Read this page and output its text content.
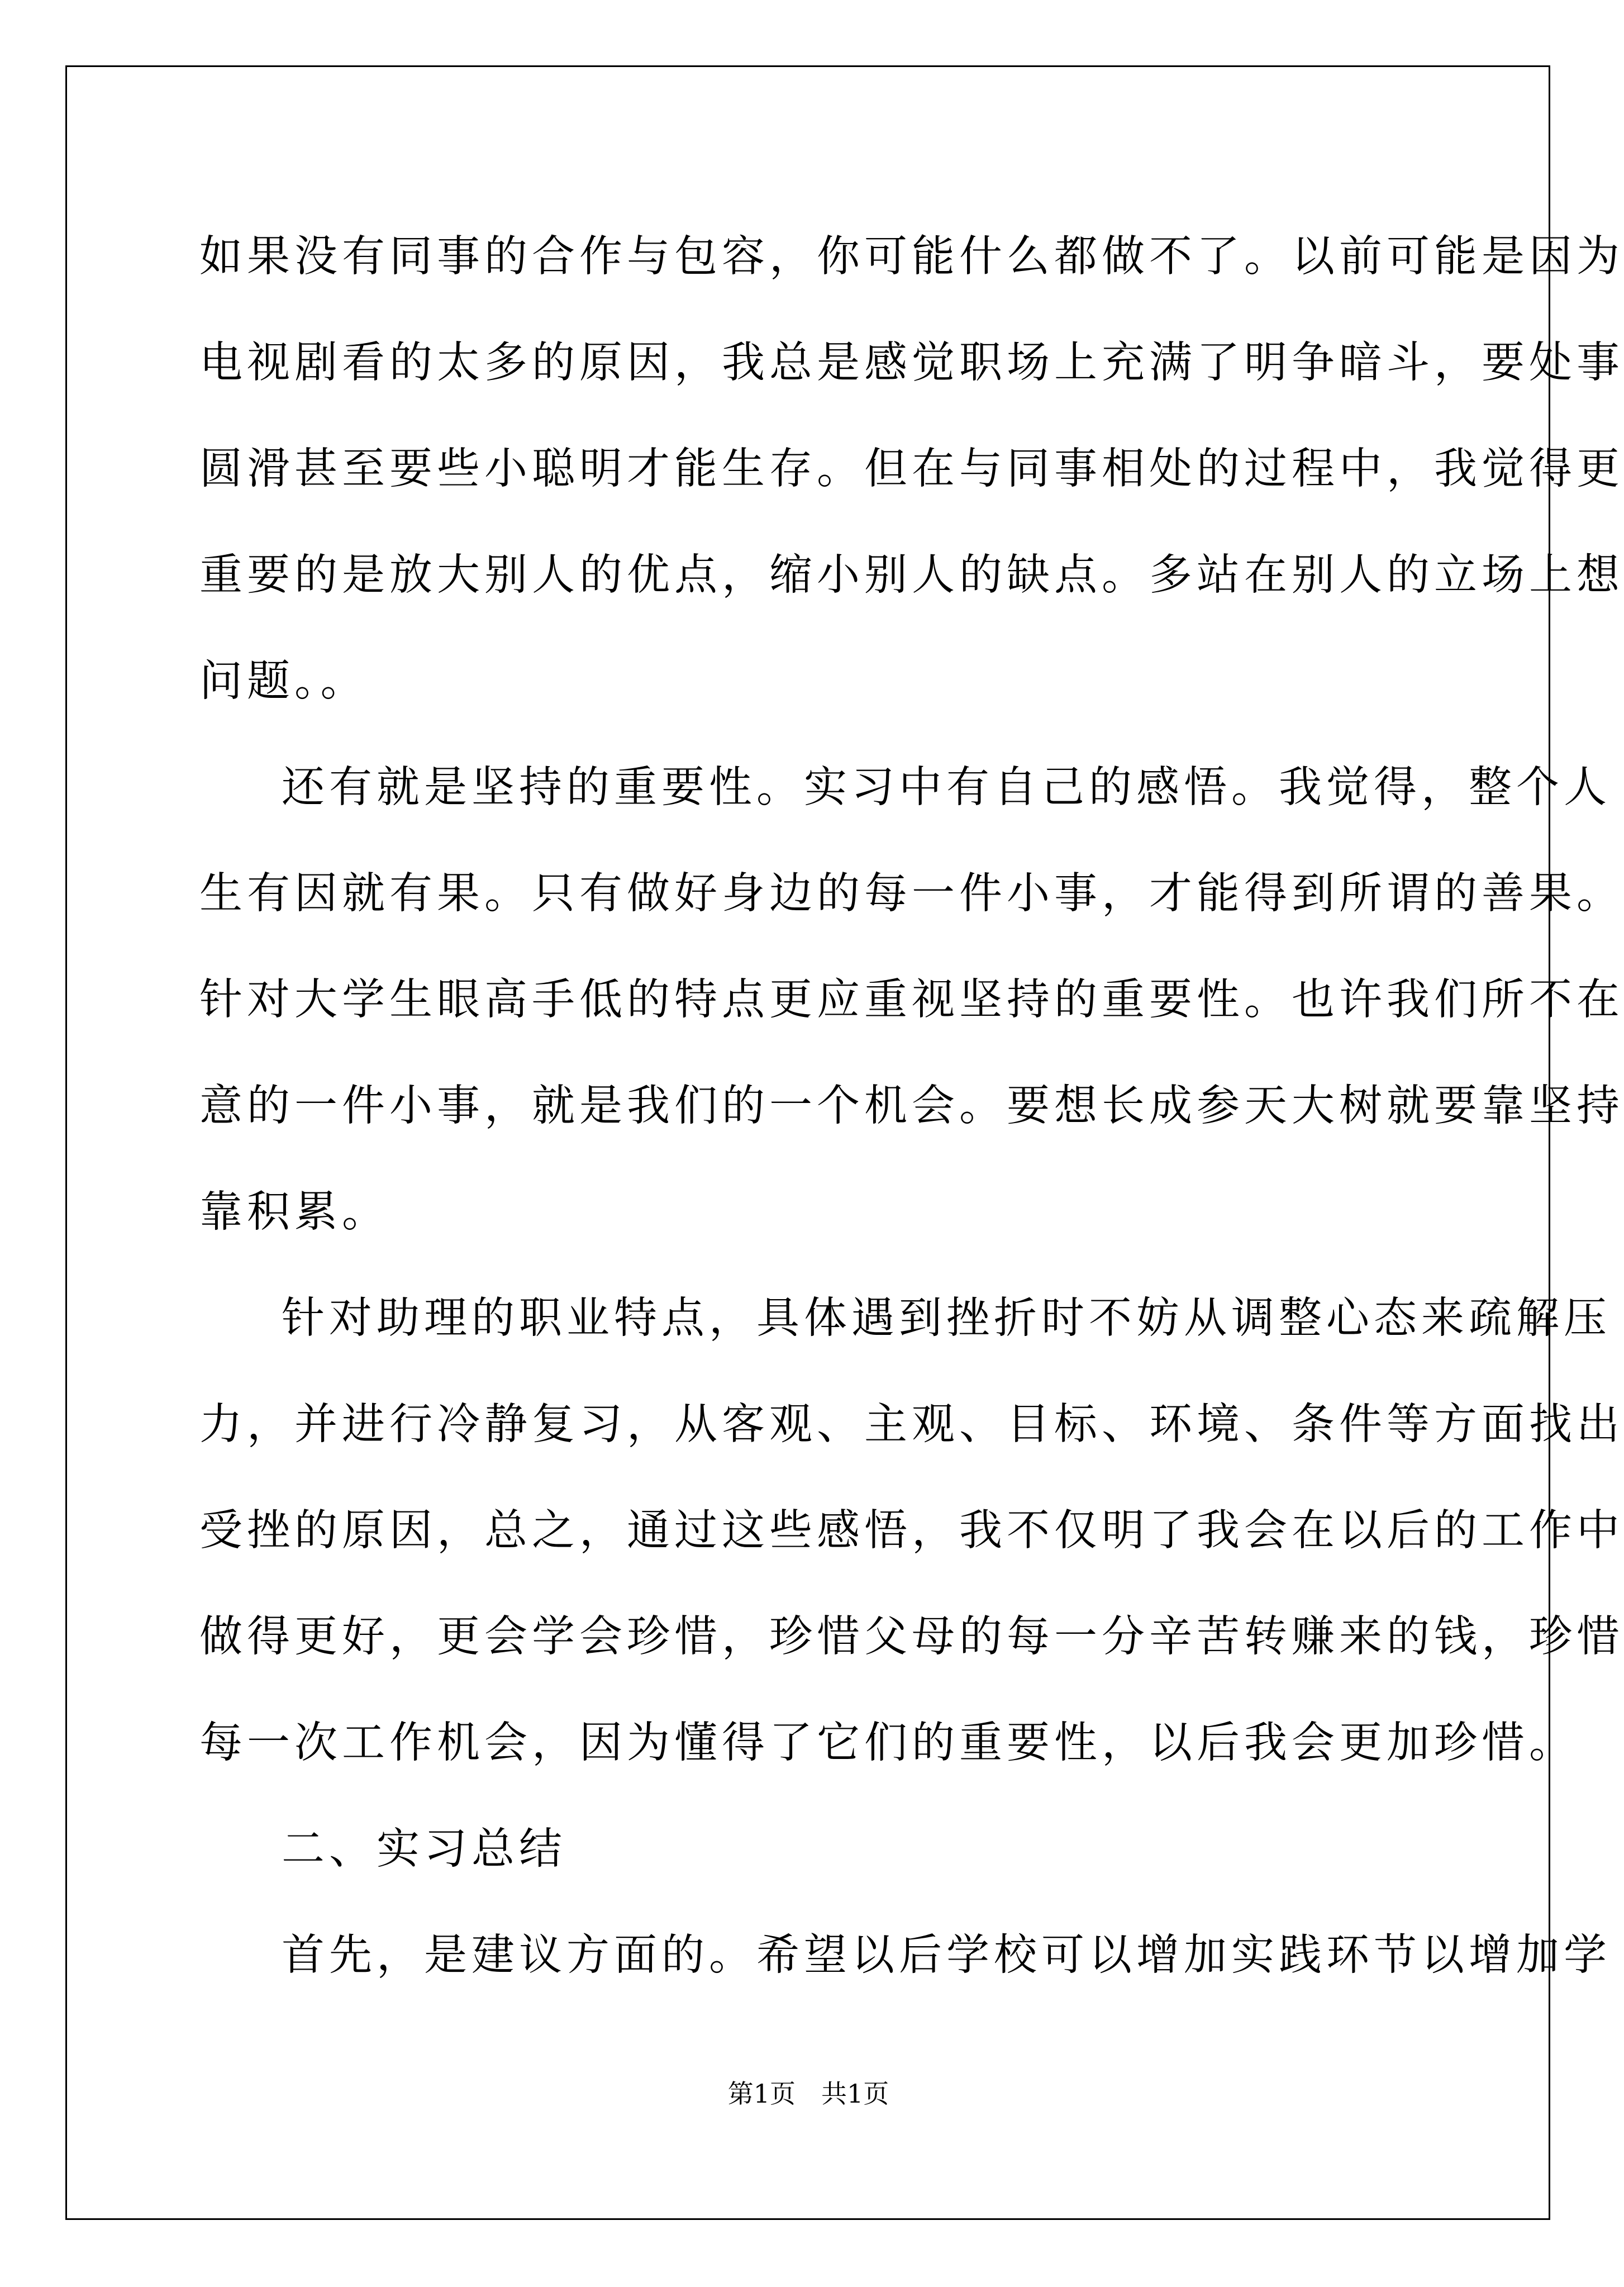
如果没有同事的合作与包容，你可能什么都做不了。以前可能是因为
电视剧看的太多的原因，我总是感觉职场上充满了明争暗斗，要处事
圆滑甚至要些小聪明才能生存。但在与同事相处的过程中，我觉得更
重要的是放大别人的优点，缩小别人的缺点。多站在别人的立场上想
问题。。
还有就是坚持的重要性。实习中有自己的感悟。我觉得，整个人
生有因就有果。只有做好身边的每一件小事，才能得到所谓的善果。
针对大学生眼高手低的特点更应重视坚持的重要性。也许我们所不在
意的一件小事，就是我们的一个机会。要想长成参天大树就要靠坚持
靠积累。
针对助理的职业特点，具体遇到挫折时不妨从调整心态来疏解压
力，并进行冷静复习，从客观、主观、目标、环境、条件等方面找出
受挫的原因，总之，通过这些感悟，我不仅明了我会在以后的工作中
做得更好，更会学会珍惜，珍惜父母的每一分辛苦转赚来的钱，珍惜
每一次工作机会，因为懂得了它们的重要性，以后我会更加珍惜。
二、实习总结
首先，是建议方面的。希望以后学校可以增加实践环节以增加学
第1页　共1页
